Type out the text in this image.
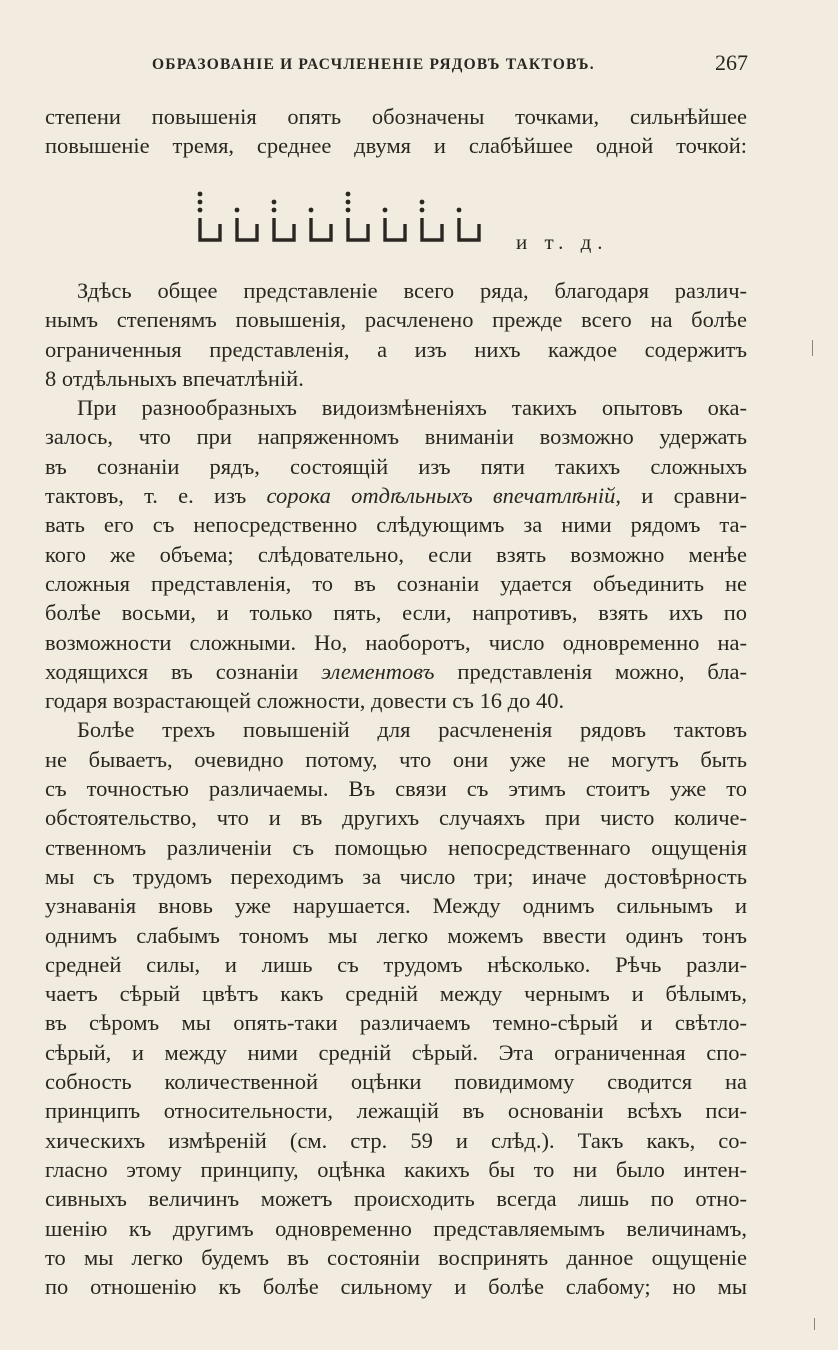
ОБРАЗОВАНІЕ И РАСЧЛЕНЕНІЕ РЯДОВЪ ТАКТОВЪ.	267
степени повышенія опять обозначены точками, сильнѣйшее
повышеніе тремя, среднее двумя и слабѣйшее одной точкой:
и т. д.
Здѣсь общее представленіе всего ряда, благодаря различ-
нымъ степенямъ повышенія, расчленено прежде всего на болѣе
ограниченныя представленія, а изъ нихъ каждое содержитъ
8 отдѣльныхъ впечатлѣній.
При разнообразныхъ видоизмѣненіяхъ такихъ опытовъ ока-
залось, что при напряженномъ вниманіи возможно удержать
въ сознаніи рядъ, состоящій изъ пяти такихъ сложныхъ
тактовъ, т. е. изъ сорока отдѣльныхъ впечатлѣній, и сравни-
вать его съ непосредственно слѣдующимъ за ними рядомъ та-
кого же объема; слѣдовательно, если взять возможно менѣе
сложныя представленія, то въ сознаніи удается объединить не
болѣе восьми, и только пять, если, напротивъ, взять ихъ по
возможности сложными. Но, наоборотъ, число одновременно на-
ходящихся въ сознаніи элементовъ представленія можно, бла-
годаря возрастающей сложности, довести съ 16 до 40.
Болѣе трехъ повышеній для расчлененія рядовъ тактовъ
не бываетъ, очевидно потому, что они уже не могутъ быть
съ точностью различаемы. Въ связи съ этимъ стоитъ уже то
обстоятельство, что и въ другихъ случаяхъ при чисто количе-
ственномъ различеніи съ помощью непосредственнаго ощущенія
мы съ трудомъ переходимъ за число три; иначе достовѣрность
узнаванія вновь уже нарушается. Между однимъ сильнымъ и
однимъ слабымъ тономъ мы легко можемъ ввести одинъ тонъ
средней силы, и лишь съ трудомъ нѣсколько. Рѣчь разли-
чаетъ сѣрый цвѣтъ какъ средній между чернымъ и бѣлымъ,
въ сѣромъ мы опять-таки различаемъ темно-сѣрый и свѣтло-
сѣрый, и между ними средній сѣрый. Эта ограниченная спо-
собность количественной оцѣнки повидимому сводится на
принципъ относительности, лежащій въ основаніи всѣхъ пси-
хическихъ измѣреній (см. стр. 59 и слѣд.). Такъ какъ, со-
гласно этому принципу, оцѣнка какихъ бы то ни было интен-
сивныхъ величинъ можетъ происходить всегда лишь по отно-
шенію къ другимъ одновременно представляемымъ величинамъ,
то мы легко будемъ въ состояніи воспринять данное ощущеніе
по отношенію къ болѣе сильному и болѣе слабому; но мы
